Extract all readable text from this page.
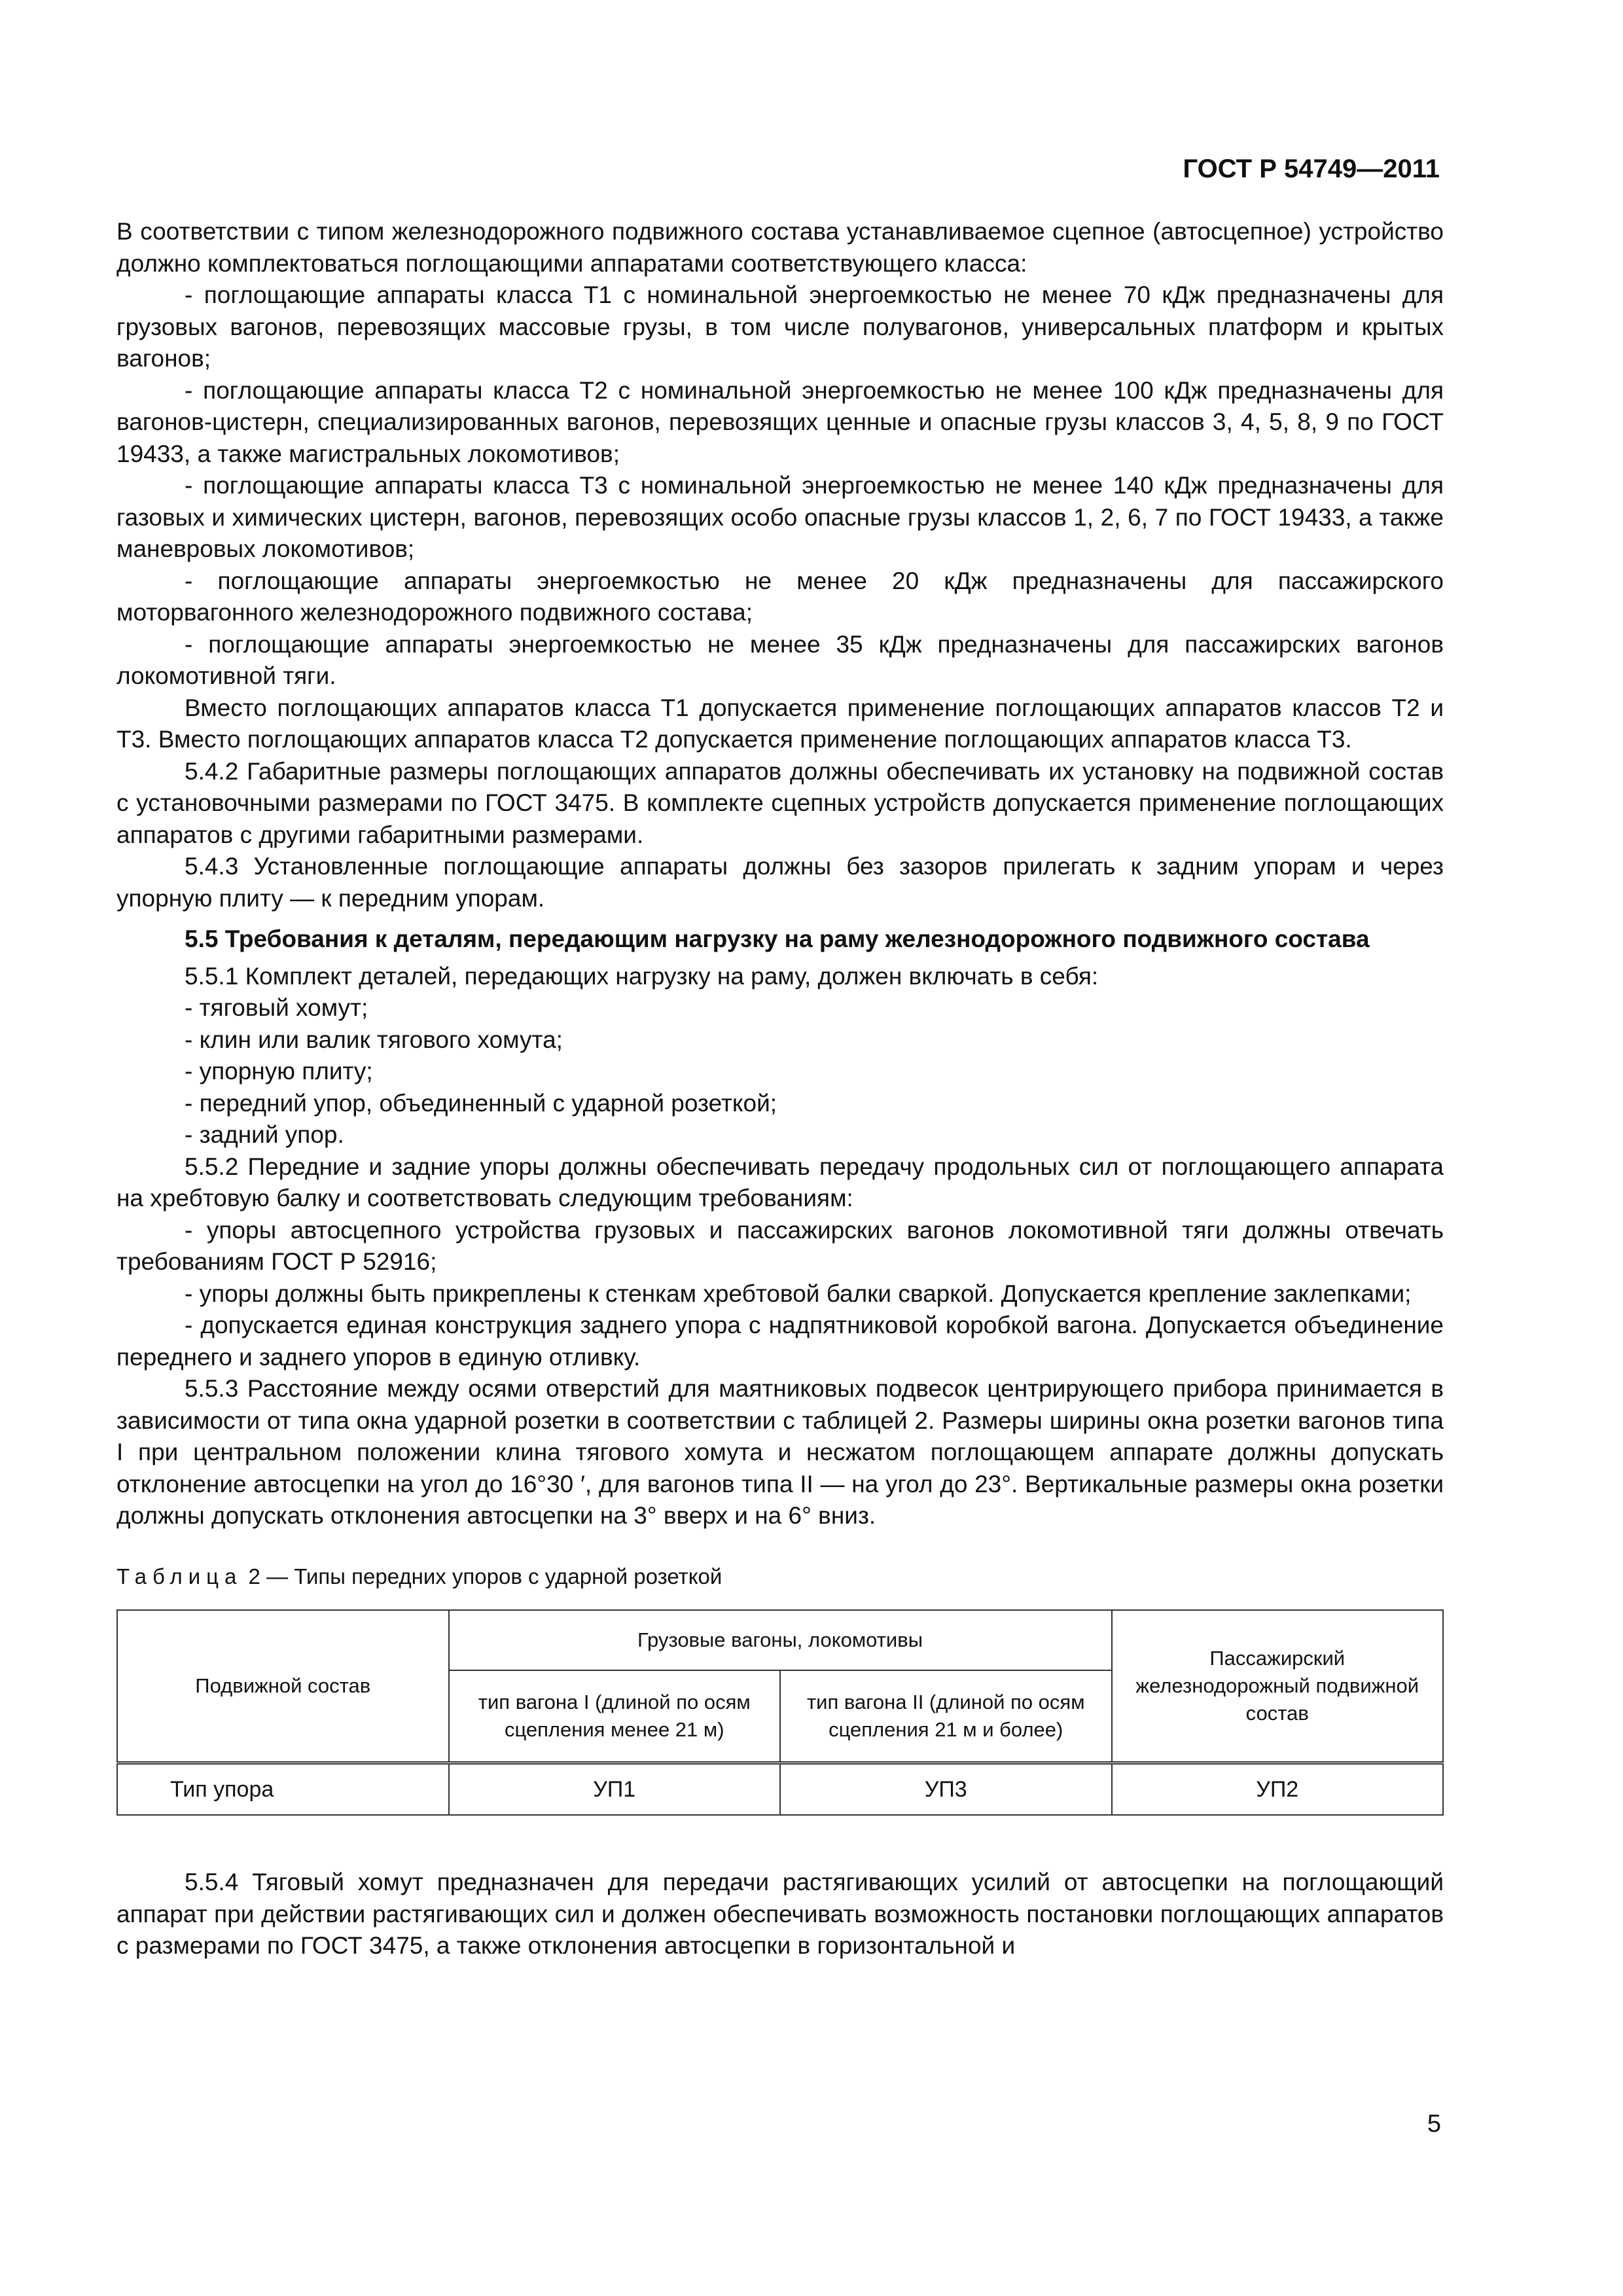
ГОСТ Р 54749—2011

В соответствии с типом железнодорожного подвижного состава устанавливаемое сцепное (автосцепное) устройство должно комплектоваться поглощающими аппаратами соответствующего класса:

- поглощающие аппараты класса Т1 с номинальной энергоемкостью не менее 70 кДж предназначены для грузовых вагонов, перевозящих массовые грузы, в том числе полувагонов, универсальных платформ и крытых вагонов;

- поглощающие аппараты класса Т2 с номинальной энергоемкостью не менее 100 кДж предназначены для вагонов-цистерн, специализированных вагонов, перевозящих ценные и опасные грузы классов 3, 4, 5, 8, 9 по ГОСТ 19433, а также магистральных локомотивов;

- поглощающие аппараты класса Т3 с номинальной энергоемкостью не менее 140 кДж предназначены для газовых и химических цистерн, вагонов, перевозящих особо опасные грузы классов 1, 2, 6, 7 по ГОСТ 19433, а также маневровых локомотивов;

- поглощающие аппараты энергоемкостью не менее 20 кДж предназначены для пассажирского моторвагонного железнодорожного подвижного состава;

- поглощающие аппараты энергоемкостью не менее 35 кДж предназначены для пассажирских вагонов локомотивной тяги.

Вместо поглощающих аппаратов класса Т1 допускается применение поглощающих аппаратов классов Т2 и Т3. Вместо поглощающих аппаратов класса Т2 допускается применение поглощающих аппаратов класса Т3.

5.4.2 Габаритные размеры поглощающих аппаратов должны обеспечивать их установку на подвижной состав с установочными размерами по ГОСТ 3475. В комплекте сцепных устройств допускается применение поглощающих аппаратов с другими габаритными размерами.

5.4.3 Установленные поглощающие аппараты должны без зазоров прилегать к задним упорам и через упорную плиту — к передним упорам.

5.5 Требования к деталям, передающим нагрузку на раму железнодорожного подвижного состава

5.5.1 Комплект деталей, передающих нагрузку на раму, должен включать в себя:

- тяговый хомут;

- клин или валик тягового хомута;

- упорную плиту;

- передний упор, объединенный с ударной розеткой;

- задний упор.

5.5.2 Передние и задние упоры должны обеспечивать передачу продольных сил от поглощающего аппарата на хребтовую балку и соответствовать следующим требованиям:

- упоры автосцепного устройства грузовых и пассажирских вагонов локомотивной тяги должны отвечать требованиям ГОСТ Р 52916;

- упоры должны быть прикреплены к стенкам хребтовой балки сваркой. Допускается крепление заклепками;

- допускается единая конструкция заднего упора с надпятниковой коробкой вагона. Допускается объединение переднего и заднего упоров в единую отливку.

5.5.3 Расстояние между осями отверстий для маятниковых подвесок центрирующего прибора принимается в зависимости от типа окна ударной розетки в соответствии с таблицей 2. Размеры ширины окна розетки вагонов типа I при центральном положении клина тягового хомута и несжатом поглощающем аппарате должны допускать отклонение автосцепки на угол до 16°30 ′, для вагонов типа II — на угол до 23°. Вертикальные размеры окна розетки должны допускать отклонения автосцепки на 3° вверх и на 6° вниз.

Таблица 2 — Типы передних упоров с ударной розеткой

Подвижной состав	Грузовые вагоны, локомотивы		Пассажирский железнодорожный подвижной состав
	тип вагона I (длиной по осям сцепления менее 21 м)	тип вагона II (длиной по осям сцепления 21 м и более)	
Тип упора	УП1	УП3	УП2

5.5.4 Тяговый хомут предназначен для передачи растягивающих усилий от автосцепки на поглощающий аппарат при действии растягивающих сил и должен обеспечивать возможность постановки поглощающих аппаратов с размерами по ГОСТ 3475, а также отклонения автосцепки в горизонтальной и

5
